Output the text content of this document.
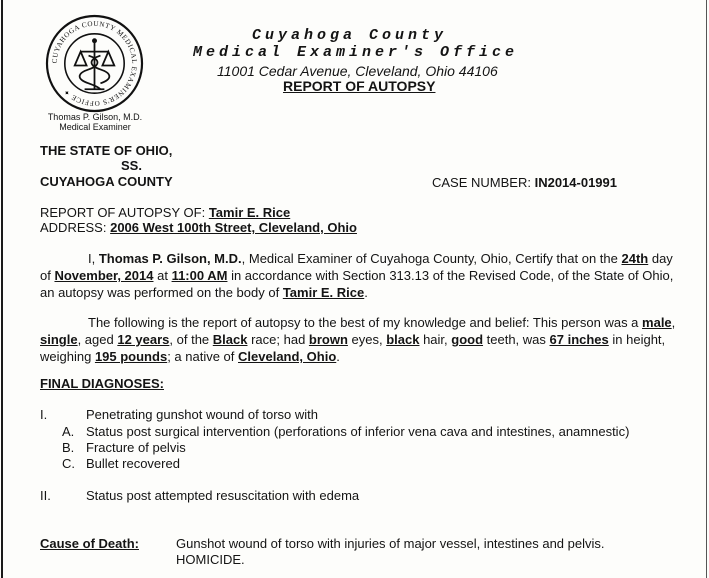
CUYAHOGA COUNTY MEDICAL EXAMINER'S OFFICE ✦
Cuyahoga County
Medical Examiner's Office
11001 Cedar Avenue, Cleveland, Ohio 44106
REPORT OF AUTOPSY
Thomas P. Gilson, M.D.
Medical Examiner
THE STATE OF OHIO,
SS.
CUYAHOGA COUNTY	CASE NUMBER: IN2014-01991
REPORT OF AUTOPSY OF: Tamir E. Rice
ADDRESS: 2006 West 100th Street, Cleveland, Ohio
I, Thomas P. Gilson, M.D., Medical Examiner of Cuyahoga County, Ohio, Certify that on the 24th day of November, 2014 at 11:00 AM in accordance with Section 313.13 of the Revised Code, of the State of Ohio, an autopsy was performed on the body of Tamir E. Rice.
The following is the report of autopsy to the best of my knowledge and belief: This person was a male, single, aged 12 years, of the Black race; had brown eyes, black hair, good teeth, was 67 inches in height, weighing 195 pounds; a native of Cleveland, Ohio.
FINAL DIAGNOSES:
I.	Penetrating gunshot wound of torso with
A. Status post surgical intervention (perforations of inferior vena cava and intestines, anamnestic)
B. Fracture of pelvis
C. Bullet recovered
II.	Status post attempted resuscitation with edema
Cause of Death:	Gunshot wound of torso with injuries of major vessel, intestines and pelvis.
HOMICIDE.
